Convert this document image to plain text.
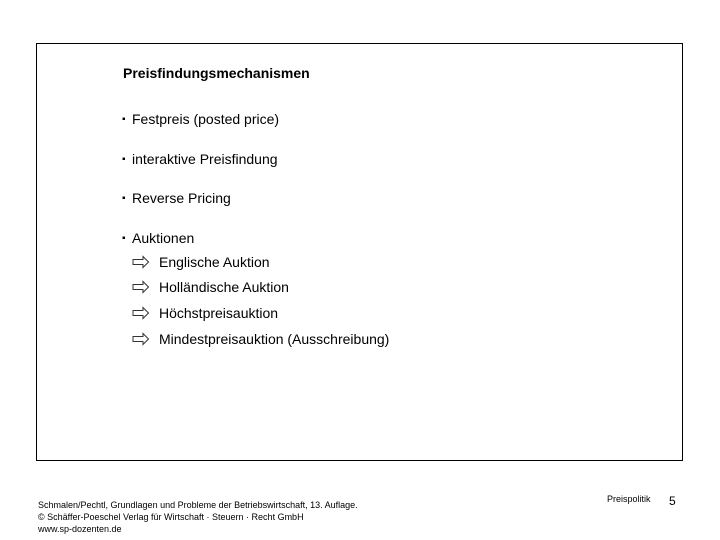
Preisfindungsmechanismen
▪ Festpreis (posted price)
▪ interaktive Preisfindung
▪ Reverse Pricing
▪ Auktionen
Englische Auktion
Holländische Auktion
Höchstpreisauktion
Mindestpreisauktion (Ausschreibung)
Schmalen/Pechtl, Grundlagen und Probleme der Betriebswirtschaft, 13. Auflage.
© Schäffer-Poeschel Verlag für Wirtschaft · Steuern · Recht GmbH
www.sp-dozenten.de
Preispolitik 5
